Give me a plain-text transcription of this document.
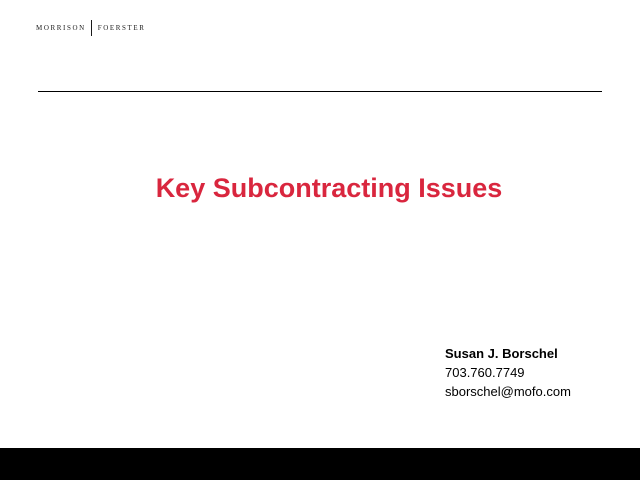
MORRISON FOERSTER
Key Subcontracting Issues
Susan J. Borschel
703.760.7749
sborschel@mofo.com
